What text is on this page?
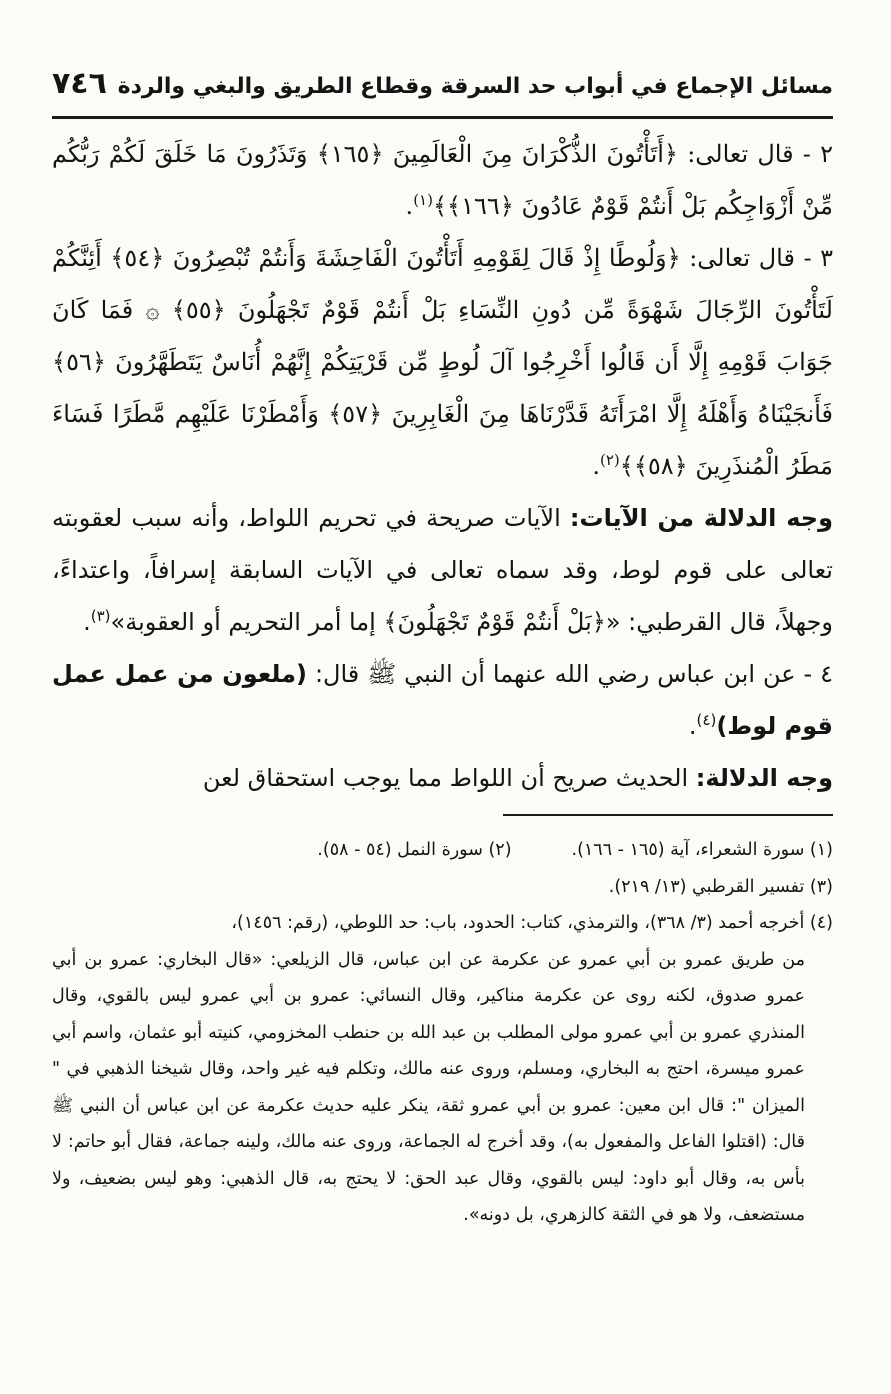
مسائل الإجماع في أبواب حد السرقة وقطاع الطريق والبغي والردة
٧٤٦

٢ - قال تعالى: ﴿أَتَأْتُونَ الذُّكْرَانَ مِنَ الْعَالَمِينَ ﴿١٦٥﴾ وَتَذَرُونَ مَا خَلَقَ لَكُمْ رَبُّكُم مِّنْ أَزْوَاجِكُم بَلْ أَنتُمْ قَوْمٌ عَادُونَ ﴿١٦٦﴾﴾$^{(١)}$.

٣ - قال تعالى: ﴿وَلُوطًا إِذْ قَالَ لِقَوْمِهِ أَتَأْتُونَ الْفَاحِشَةَ وَأَنتُمْ تُبْصِرُونَ ﴿٥٤﴾ أَئِنَّكُمْ لَتَأْتُونَ الرِّجَالَ شَهْوَةً مِّن دُونِ النِّسَاءِ بَلْ أَنتُمْ قَوْمٌ تَجْهَلُونَ ﴿٥٥﴾ ۞ فَمَا كَانَ جَوَابَ قَوْمِهِ إِلَّا أَن قَالُوا أَخْرِجُوا آلَ لُوطٍ مِّن قَرْيَتِكُمْ إِنَّهُمْ أُنَاسٌ يَتَطَهَّرُونَ ﴿٥٦﴾ فَأَنجَيْنَاهُ وَأَهْلَهُ إِلَّا امْرَأَتَهُ قَدَّرْنَاهَا مِنَ الْغَابِرِينَ ﴿٥٧﴾ وَأَمْطَرْنَا عَلَيْهِم مَّطَرًا فَسَاءَ مَطَرُ الْمُنذَرِينَ ﴿٥٨﴾﴾$^{(٢)}$.

وجه الدلالة من الآيات: الآيات صريحة في تحريم اللواط، وأنه سبب لعقوبته تعالى على قوم لوط، وقد سماه تعالى في الآيات السابقة إسرافاً، واعتداءً، وجهلاً، قال القرطبي: «﴿بَلْ أَنتُمْ قَوْمٌ تَجْهَلُونَ﴾ إما أمر التحريم أو العقوبة»$^{(٣)}$.

٤ - عن ابن عباس رضي الله عنهما أن النبي ﷺ قال: (ملعون من عمل عمل قوم لوط)$^{(٤)}$.

وجه الدلالة: الحديث صريح أن اللواط مما يوجب استحقاق لعن

(١) سورة الشعراء، آية (١٦٥ - ١٦٦).(٢) سورة النمل (٥٤ - ٥٨).

(٣) تفسير القرطبي (١٣/ ٢١٩).

(٤) أخرجه أحمد (٣/ ٣٦٨)، والترمذي، كتاب: الحدود، باب: حد اللوطي، (رقم: ١٤٥٦)،

من طريق عمرو بن أبي عمرو عن عكرمة عن ابن عباس، قال الزيلعي: «قال البخاري: عمرو بن أبي عمرو صدوق، لكنه روى عن عكرمة مناكير، وقال النسائي: عمرو بن أبي عمرو ليس بالقوي، وقال المنذري عمرو بن أبي عمرو مولى المطلب بن عبد الله بن حنطب المخزومي، كنيته أبو عثمان، واسم أبي عمرو ميسرة، احتج به البخاري، ومسلم، وروى عنه مالك، وتكلم فيه غير واحد، وقال شيخنا الذهبي في " الميزان ": قال ابن معين: عمرو بن أبي عمرو ثقة، ينكر عليه حديث عكرمة عن ابن عباس أن النبي ﷺ قال: (اقتلوا الفاعل والمفعول به)، وقد أخرج له الجماعة، وروى عنه مالك، ولينه جماعة، فقال أبو حاتم: لا بأس به، وقال أبو داود: ليس بالقوي، وقال عبد الحق: لا يحتج به، قال الذهبي: وهو ليس بضعيف، ولا مستضعف، ولا هو في الثقة كالزهري، بل دونه».
